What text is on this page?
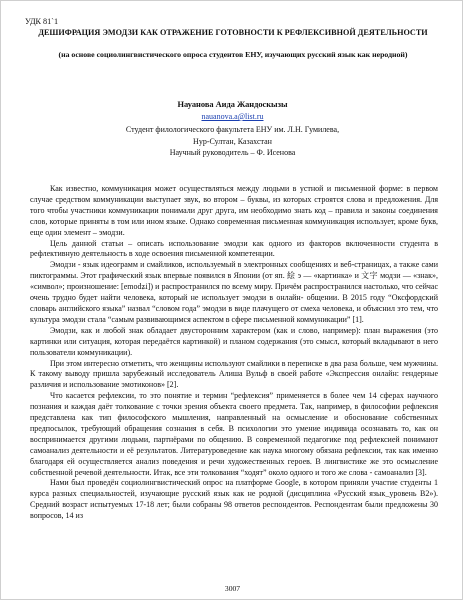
УДК 81`1
ДЕШИФРАЦИЯ ЭМОДЗИ КАК ОТРАЖЕНИЕ ГОТОВНОСТИ К РЕФЛЕКСИВНОЙ ДЕЯТЕЛЬНОСТИ
(на основе социолингвистического опроса студентов ЕНУ, изучающих русский язык как неродной)
Науанова Аида Жандоскызы
nauanova.a@list.ru
Студент филологического факультета ЕНУ им. Л.Н. Гумилева,
Нур-Султан, Казахстан
Научный руководитель – Ф. Исенова

Как известно, коммуникация может осуществляться между людьми в устной и письменной форме: в первом случае средством коммуникации выступает звук, во втором – буквы, из которых строятся слова и предложения. Для того чтобы участники коммуникации понимали друг друга, им необходимо знать код – правила и законы соединения слов, которые приняты в том или ином языке. Однако современная письменная коммуникация использует, кроме букв, еще один элемент – эмодзи.

Цель данной статьи – описать использование эмодзи как одного из факторов включенности студента в рефлективную деятельность в ходе освоения письменной компетенции.

Эмодзи - язык идеограмм и смайликов, используемый в электронных сообщениях и веб-страницах, а также сами пиктограммы. Этот графический язык впервые появился в Японии (от яп. 絵 э — «картинка» и 文字 модзи — «знак», «символ»; произношение: [emodʑi]) и распространился по всему миру. Причём распространился настолько, что сейчас очень трудно будет найти человека, который не использует эмодзи в онлайн- общении. В 2015 году “Оксфордский словарь английского языка” назвал “словом года” эмодзи в виде плачущего от смеха человека, и объяснил это тем, что культура эмодзи стала “самым развивающимся аспектом в сфере письменной коммуникации” [1].

Эмодзи, как и любой знак обладает двусторонним характером (как и слово, например): план выражения (это картинки или ситуация, которая передаётся картинкой) и планом содержания (это смысл, который вкладывают в него пользователи коммуникации).

При этом интересно отметить, что женщины используют смайлики в переписке в два раза больше, чем мужчины. К такому выводу пришла зарубежный исследователь Алиша Вульф в своей работе «Экспрессия онлайн: гендерные различия и использование эмотиконов» [2].

Что касается рефлексии, то это понятие и термин “рефлексия” применяется в более чем 14 сферах научного познания и каждая даёт толкование с точки зрения объекта своего предмета. Так, например, в философии рефлексия представлена как тип философского мышления, направленный на осмысление и обоснование собственных предпосылок, требующий обращения сознания в себя. В психологии это умение индивида осознавать то, как он воспринимается другими людьми, партнёрами по общению. В современной педагогике под рефлексией понимают самоанализ деятельности и её результатов. Литературоведение как наука многому обязана рефлексии, так как именно благодаря ей осуществляется анализ поведения и речи художественных героев. В лингвистике же это осмысление собственной речевой деятельности. Итак, все эти толкования “ходят” около одного и того же слова - самоанализ [3].

Нами был проведён социолингвистический опрос на платформе Google, в котором приняли участие студенты 1 курса разных специальностей, изучающие русский язык как не родной (дисциплина «Русский язык_уровень В2»). Средний возраст испытуемых 17-18 лет; были собраны 98 ответов респондентов. Респондентам были предложены 30 вопросов, 14 из

3007
